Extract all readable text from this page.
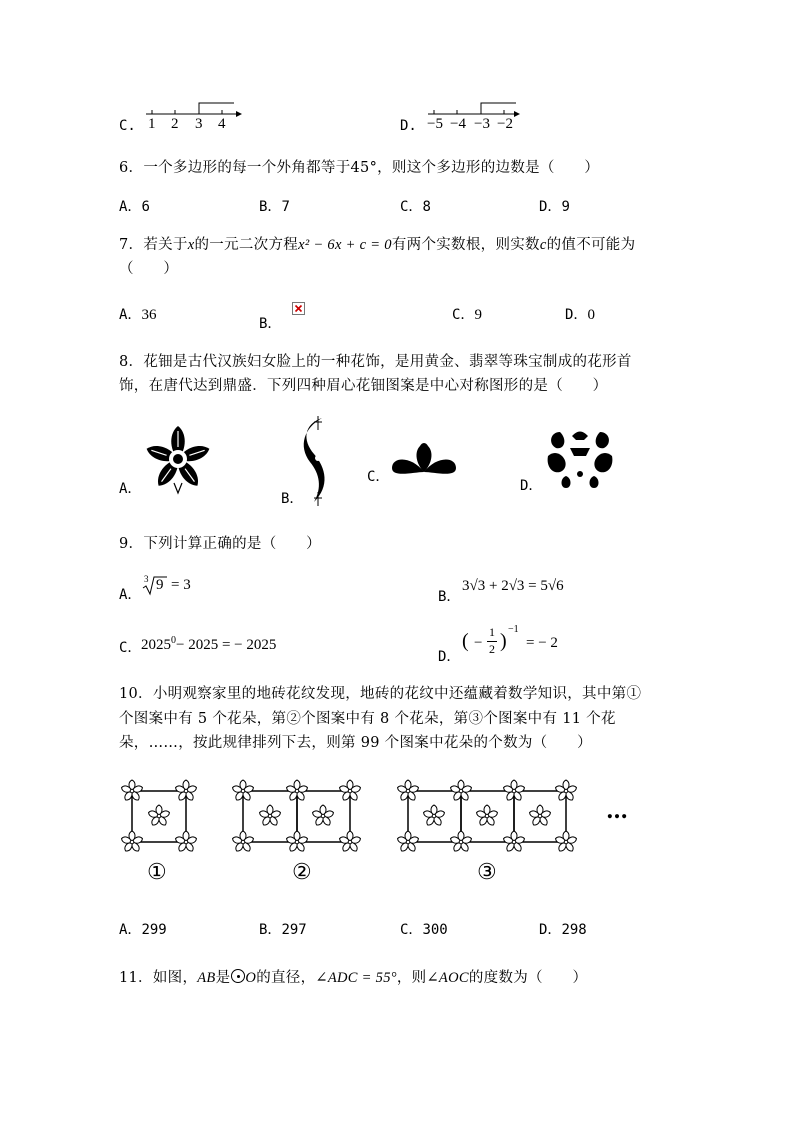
C. 1 2 3 4	D. −5 −4 −3 −2
6．一个多边形的每一个外角都等于45°，则这个多边形的边数是（　　）
A．6	B．7	C．8	D．9
7．若关于x的一元二次方程x² − 6x + c = 0有两个实数根，则实数c的值不可能为
（　　）
A．36
B．
C．9	D．0
8．花钿是古代汉族妇女脸上的一种花饰，是用黄金、翡翠等珠宝制成的花形首
饰，在唐代达到鼎盛．下列四种眉心花钿图案是中心对称图形的是（　　）
A．
B．
C．
D．
9．下列计算正确的是（　　）
A．
3 9 = 3
B．
3√3 + 2√3 = 5√6
C． $2025^0- 2025$ = − 2025
D．
( −
1
2 )
−1
= − 2
10．小明观察家里的地砖花纹发现，地砖的花纹中还蕴藏着数学知识，其中第①
个图案中有 5 个花朵，第②个图案中有 8 个花朵，第③个图案中有 11 个花
朵，……，按此规律排列下去，则第 99 个图案中花朵的个数为（　　）
…
①	②	③
A．299	B．297	C．300	D．298
11．如图，AB是 O的直径，∠ADC = 55°，则∠AOC的度数为（　　）
